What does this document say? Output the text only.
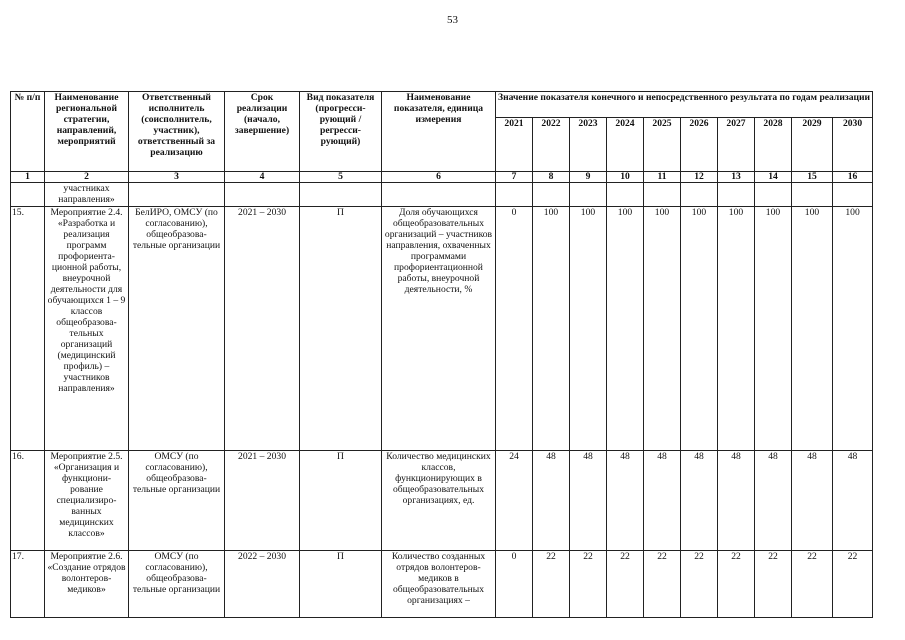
53
№ п/п	Наименование региональной стратегии, направлений, мероприятий	Ответственный исполнитель (соисполнитель, участник), ответственный за реализацию	Срок реализации (начало, завершение)	Вид показателя (прогресси-рующий / регресси-рующий)	Наименование показателя, единица измерения	Значение показателя конечного и непосредственного результата по годам реализации									
						2021	2022	2023	2024	2025	2026	2027	2028	2029	2030
1	2	3	4	5	6	7	8	9	10	11	12	13	14	15	16
	участниках направления»														
15.	Мероприятие 2.4. «Разработка и реализация программ профориента-ционной работы, внеурочной деятельности для обучающихся 1 – 9 классов общеобразова-тельных организаций (медицинский профиль) – участников направления»	БелИРО, ОМСУ (по согласованию), общеобразова-тельные организации	2021 – 2030	П	Доля обучающихся общеобразовательных организаций – участников направления, охваченных программами профориентационной работы, внеурочной деятельности, %	0	100	100	100	100	100	100	100	100	100
16.	Мероприятие 2.5. «Организация и функциони-рование специализиро-ванных медицинских классов»	ОМСУ (по согласованию), общеобразова-тельные организации	2021 – 2030	П	Количество медицинских классов, функционирующих в общеобразовательных организациях, ед.	24	48	48	48	48	48	48	48	48	48
17.	Мероприятие 2.6. «Создание отрядов волонтеров-медиков»	ОМСУ (по согласованию), общеобразова-тельные организации	2022 – 2030	П	Количество созданных отрядов волонтеров-медиков в общеобразовательных организациях –	0	22	22	22	22	22	22	22	22	22
